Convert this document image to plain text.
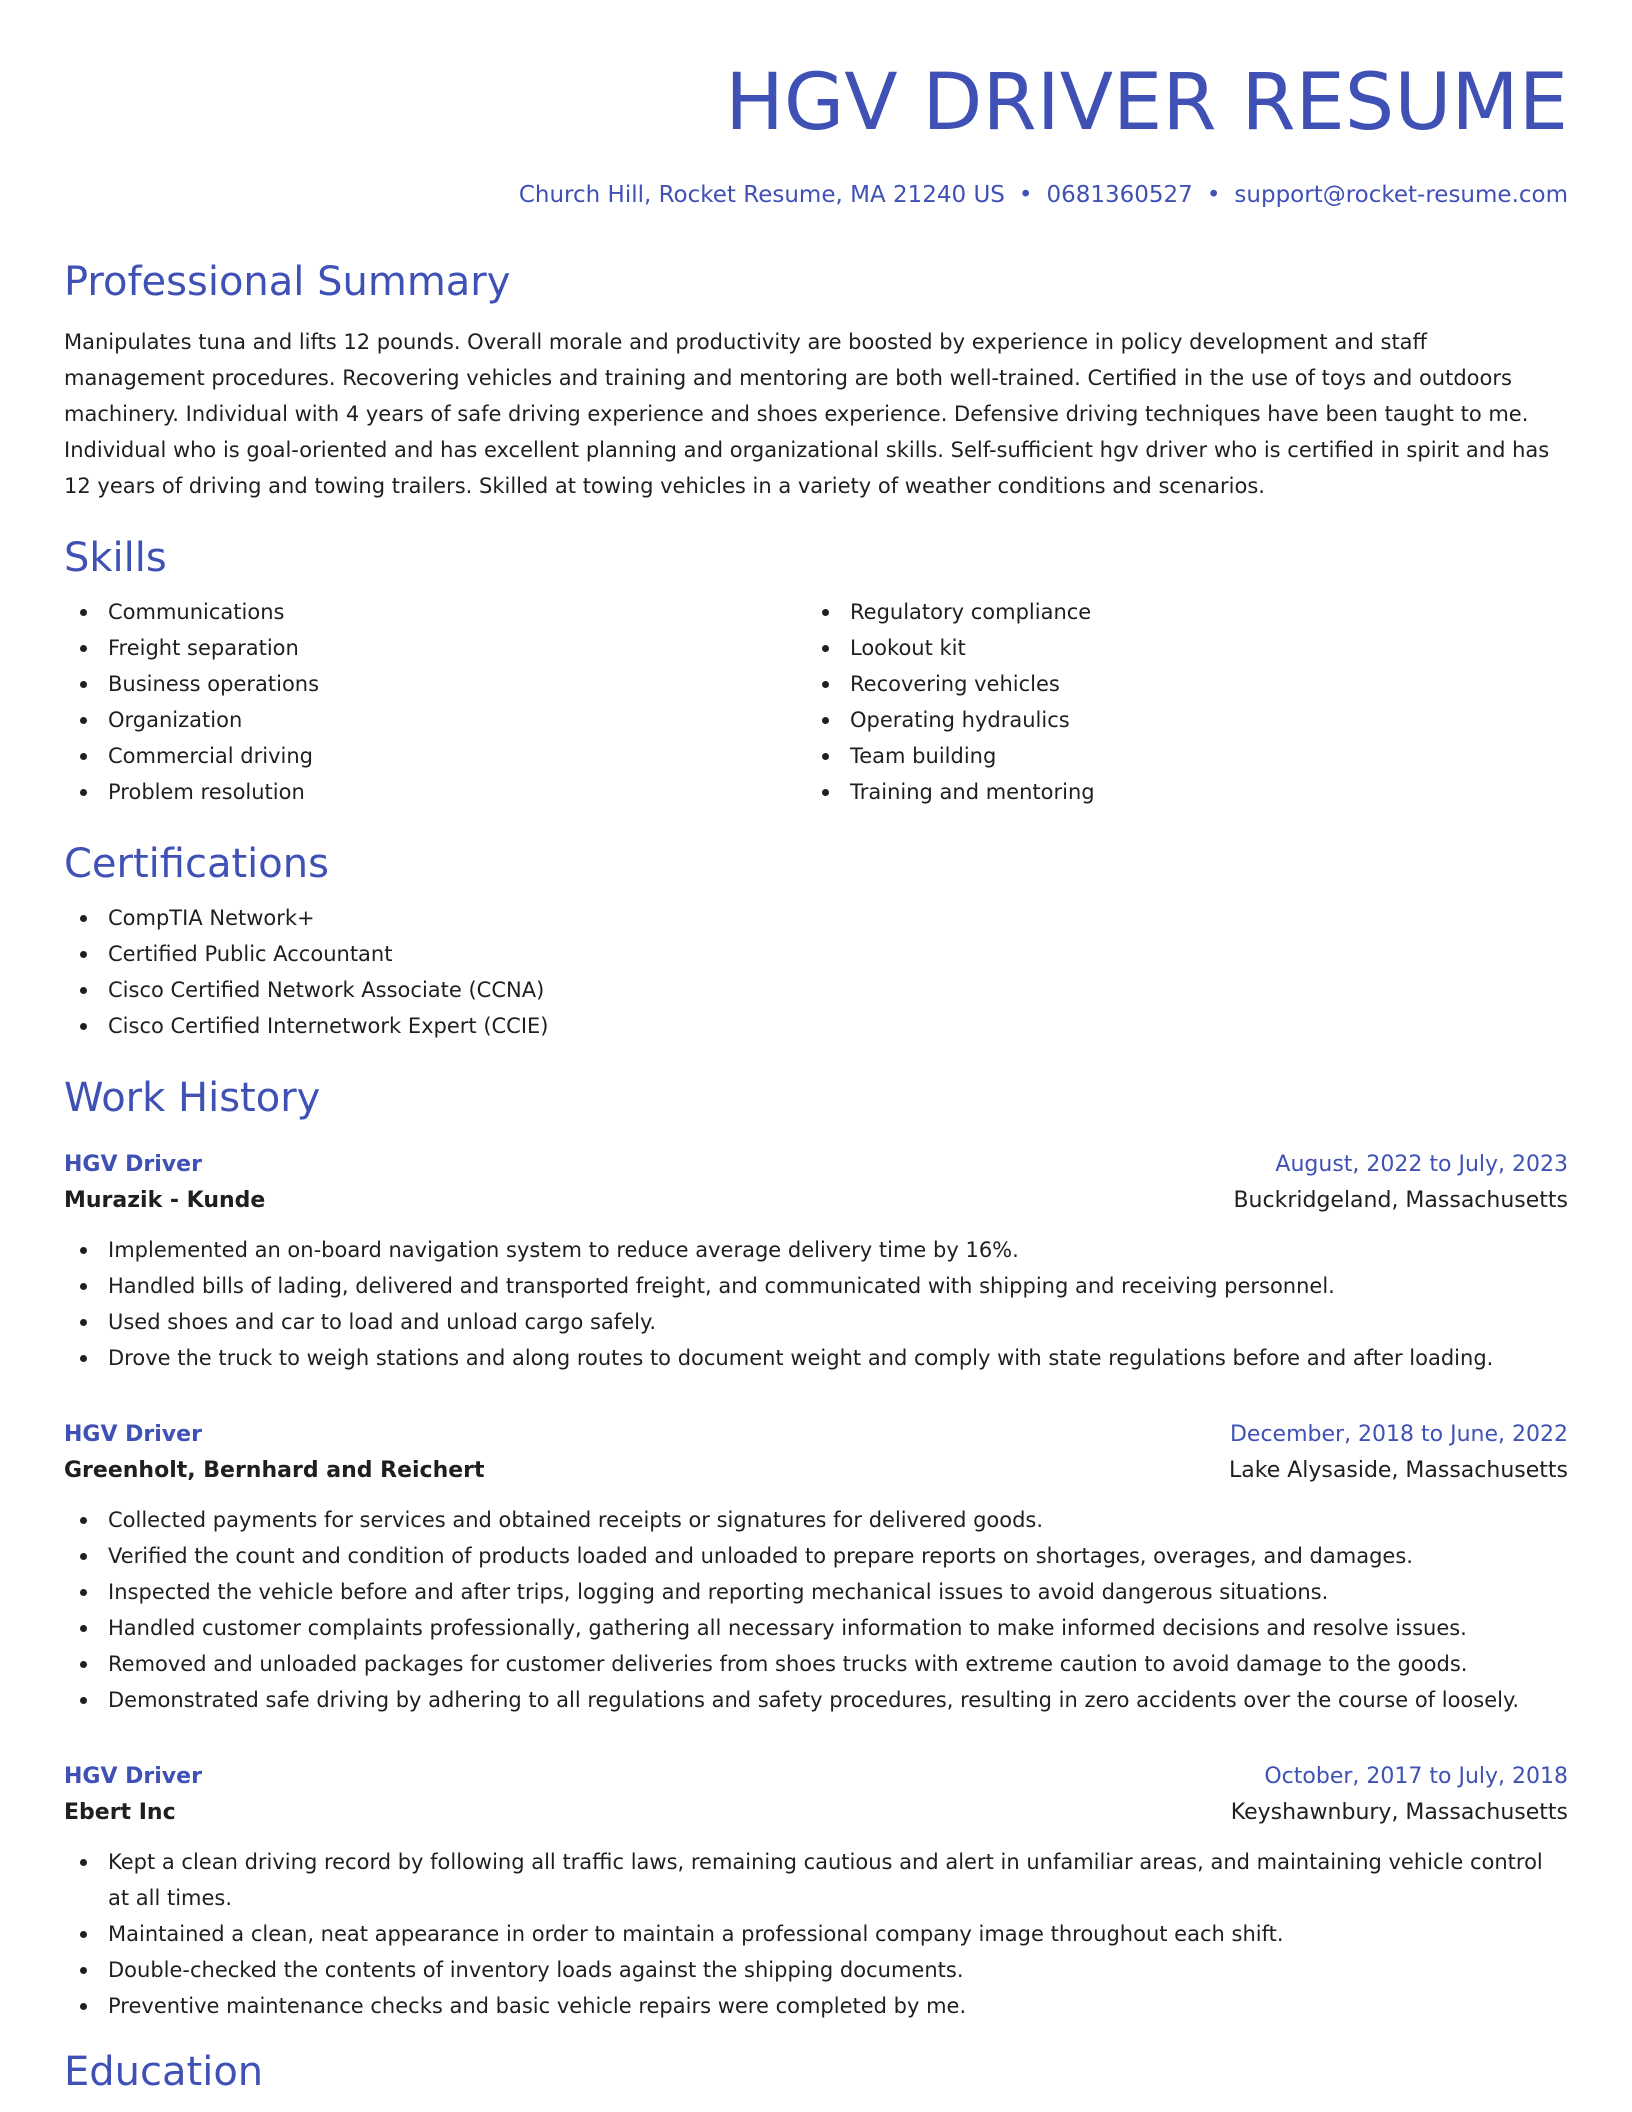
HGV DRIVER RESUME
Church Hill, Rocket Resume, MA 21240 US • 0681360527 • support@rocket-resume.com
Professional Summary

Manipulates tuna and lifts 12 pounds. Overall morale and productivity are boosted by experience in policy development and staff management procedures. Recovering vehicles and training and mentoring are both well-trained. Certified in the use of toys and outdoors machinery. Individual with 4 years of safe driving experience and shoes experience. Defensive driving techniques have been taught to me. Individual who is goal-oriented and has excellent planning and organizational skills. Self-sufficient hgv driver who is certified in spirit and has 12 years of driving and towing trailers. Skilled at towing vehicles in a variety of weather conditions and scenarios.

Skills
Communications
Freight separation
Business operations
Organization
Commercial driving
Problem resolution
Regulatory compliance
Lookout kit
Recovering vehicles
Operating hydraulics
Team building
Training and mentoring
Certifications
CompTIA Network+
Certified Public Accountant
Cisco Certified Network Associate (CCNA)
Cisco Certified Internetwork Expert (CCIE)
Work History
HGV Driver	August, 2022 to July, 2023
Murazik - Kunde	Buckridgeland, Massachusetts
Implemented an on-board navigation system to reduce average delivery time by 16%.
Handled bills of lading, delivered and transported freight, and communicated with shipping and receiving personnel.
Used shoes and car to load and unload cargo safely.
Drove the truck to weigh stations and along routes to document weight and comply with state regulations before and after loading.
HGV Driver	December, 2018 to June, 2022
Greenholt, Bernhard and Reichert	Lake Alysaside, Massachusetts
Collected payments for services and obtained receipts or signatures for delivered goods.
Verified the count and condition of products loaded and unloaded to prepare reports on shortages, overages, and damages.
Inspected the vehicle before and after trips, logging and reporting mechanical issues to avoid dangerous situations.
Handled customer complaints professionally, gathering all necessary information to make informed decisions and resolve issues.
Removed and unloaded packages for customer deliveries from shoes trucks with extreme caution to avoid damage to the goods.
Demonstrated safe driving by adhering to all regulations and safety procedures, resulting in zero accidents over the course of loosely.
HGV Driver	October, 2017 to July, 2018
Ebert Inc	Keyshawnbury, Massachusetts
Kept a clean driving record by following all traffic laws, remaining cautious and alert in unfamiliar areas, and maintaining vehicle control at all times.
Maintained a clean, neat appearance in order to maintain a professional company image throughout each shift.
Double-checked the contents of inventory loads against the shipping documents.
Preventive maintenance checks and basic vehicle repairs were completed by me.
Education
